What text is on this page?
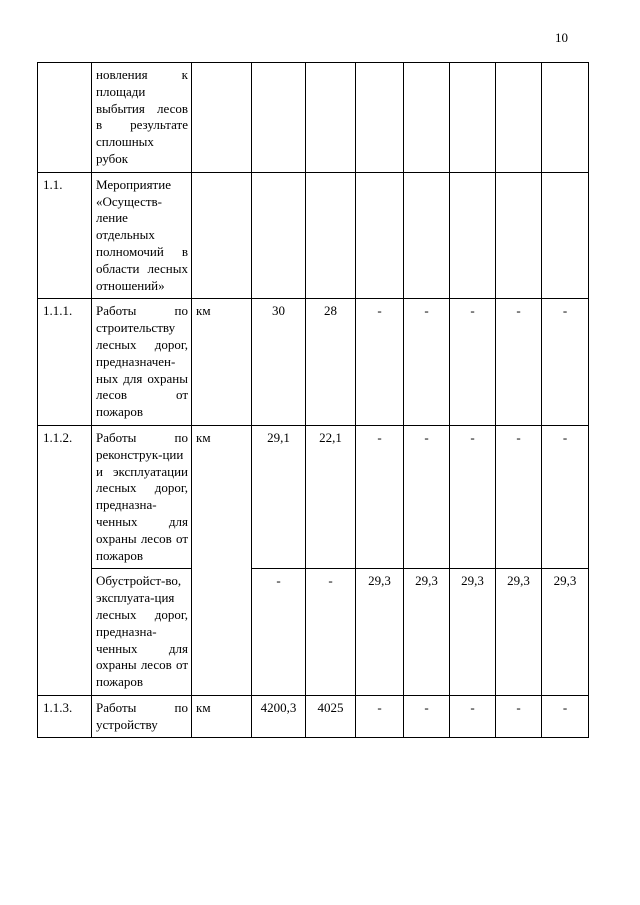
10
	новления к площади выбытия лесов в результате сплошных рубок								
1.1.	Мероприятие «Осуществ-ление отдельных полномочий в области лесных отношений»								
1.1.1.	Работы по строительству лесных дорог, предназначен-ных для охраны лесов от пожаров	км	30	28	-	-	-	-	-
1.1.2.	Работы по реконструк-ции и эксплуатации лесных дорог, предназна-ченных для охраны лесов от пожаров	км	29,1	22,1	-	-	-	-	-
	Обустройст-во, эксплуата-ция лесных дорог, предназна-ченных для охраны лесов от пожаров		-	-	29,3	29,3	29,3	29,3	29,3
1.1.3.	Работы по устройству	км	4200,3	4025	-	-	-	-	-
